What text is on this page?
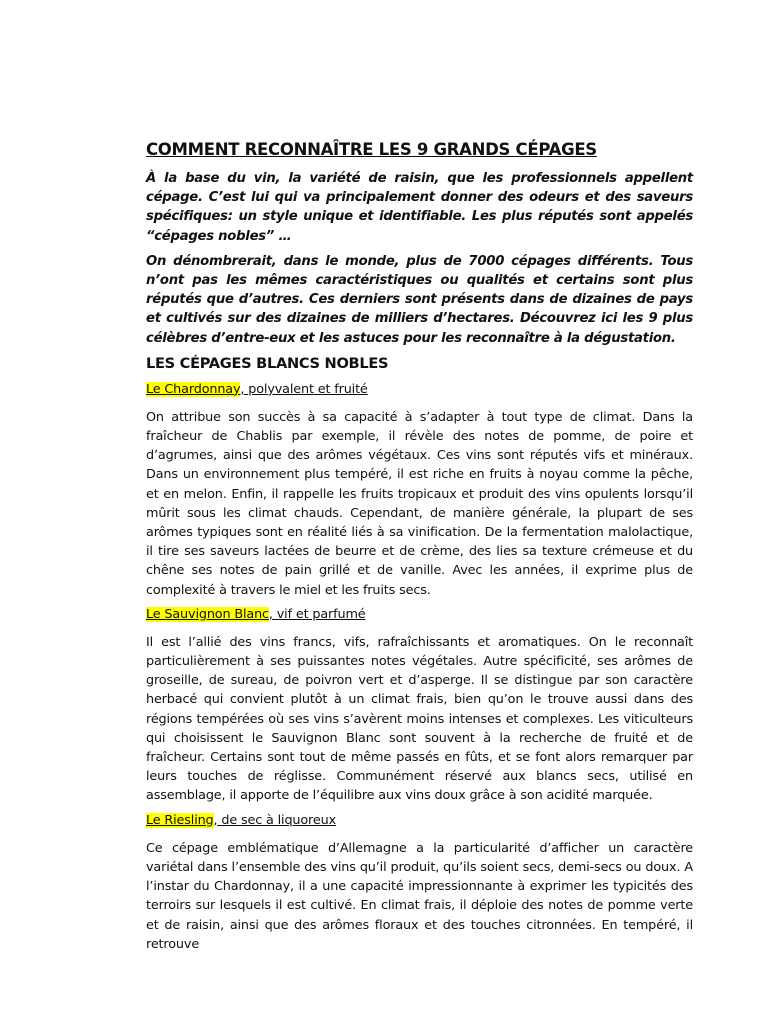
COMMENT RECONNAÎTRE LES 9 GRANDS CÉPAGES
À la base du vin, la variété de raisin, que les professionnels appellent cépage. C’est lui qui va principalement donner des odeurs et des saveurs spécifiques: un style unique et identifiable. Les plus réputés sont appelés “cépages nobles” …
On dénombrerait, dans le monde, plus de 7000 cépages différents. Tous n’ont pas les mêmes caractéristiques ou qualités et certains sont plus réputés que d’autres. Ces derniers sont présents dans de dizaines de pays et cultivés sur des dizaines de milliers d’hectares. Découvrez ici les 9 plus célèbres d’entre-eux et les astuces pour les reconnaître à la dégustation.
LES CÉPAGES BLANCS NOBLES
Le Chardonnay, polyvalent et fruité
On attribue son succès à sa capacité à s’adapter à tout type de climat. Dans la fraîcheur de Chablis par exemple, il révèle des notes de pomme, de poire et d’agrumes, ainsi que des arômes végétaux. Ces vins sont réputés vifs et minéraux. Dans un environnement plus tempéré, il est riche en fruits à noyau comme la pêche, et en melon. Enfin, il rappelle les fruits tropicaux et produit des vins opulents lorsqu’il mûrit sous les climat chauds. Cependant, de manière générale, la plupart de ses arômes typiques sont en réalité liés à sa vinification. De la fermentation malolactique, il tire ses saveurs lactées de beurre et de crème, des lies sa texture crémeuse et du chêne ses notes de pain grillé et de vanille. Avec les années, il exprime plus de complexité à travers le miel et les fruits secs.
Le Sauvignon Blanc, vif et parfumé
Il est l’allié des vins francs, vifs, rafraîchissants et aromatiques. On le reconnaît particulièrement à ses puissantes notes végétales. Autre spécificité, ses arômes de groseille, de sureau, de poivron vert et d’asperge. Il se distingue par son caractère herbacé qui convient plutôt à un climat frais, bien qu’on le trouve aussi dans des régions tempérées où ses vins s’avèrent moins intenses et complexes. Les viticulteurs qui choisissent le Sauvignon Blanc sont souvent à la recherche de fruité et de fraîcheur. Certains sont tout de même passés en fûts, et se font alors remarquer par leurs touches de réglisse. Communément réservé aux blancs secs, utilisé en assemblage, il apporte de l’équilibre aux vins doux grâce à son acidité marquée.
Le Riesling, de sec à liquoreux
Ce cépage emblématique d’Allemagne a la particularité d’afficher un caractère variétal dans l’ensemble des vins qu’il produit, qu’ils soient secs, demi-secs ou doux. A l’instar du Chardonnay, il a une capacité impressionnante à exprimer les typicités des terroirs sur lesquels il est cultivé. En climat frais, il déploie des notes de pomme verte et de raisin, ainsi que des arômes floraux et des touches citronnées. En tempéré, il retrouve
